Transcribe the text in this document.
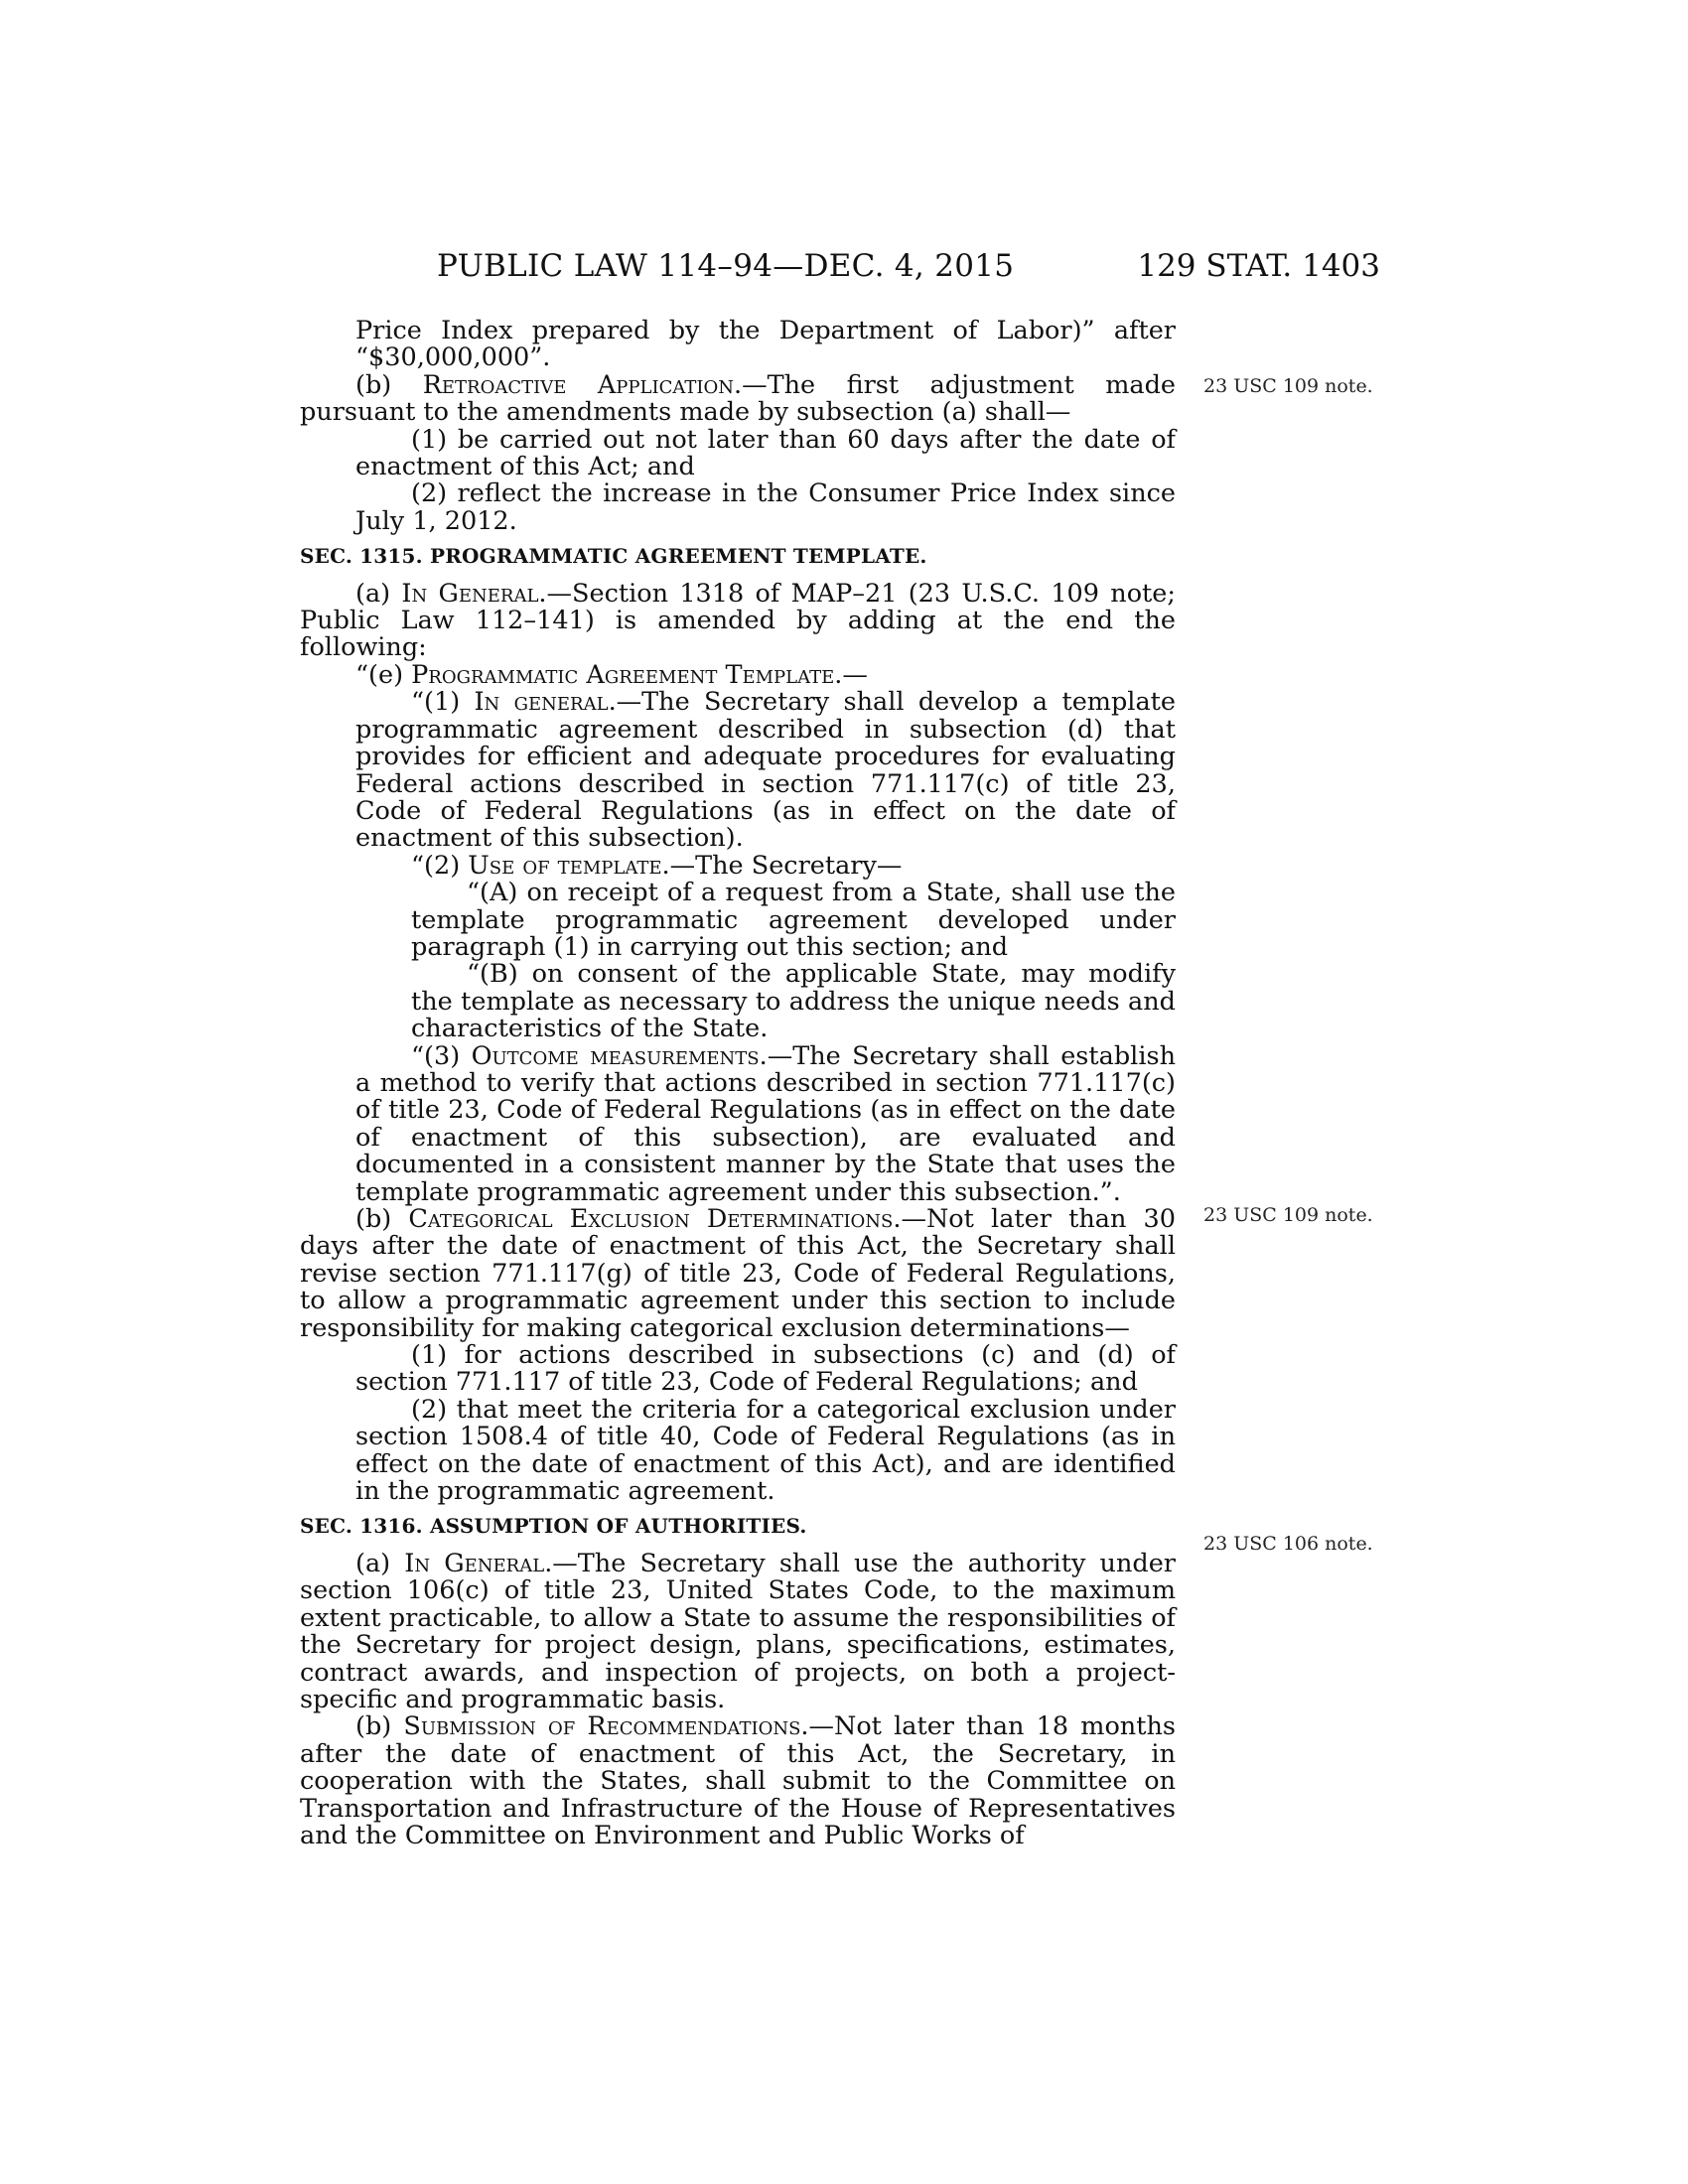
PUBLIC LAW 114–94—DEC. 4, 2015	129 STAT. 1403
23 USC 109 note.
23 USC 109 note.
23 USC 106 note.

Price Index prepared by the Department of Labor)” after “$30,000,000”.

(b) Retroactive Application.—The first adjustment made pursuant to the amendments made by subsection (a) shall—

(1) be carried out not later than 60 days after the date of enactment of this Act; and

(2) reflect the increase in the Consumer Price Index since July 1, 2012.

SEC. 1315. PROGRAMMATIC AGREEMENT TEMPLATE.

(a) In General.—Section 1318 of MAP–21 (23 U.S.C. 109 note; Public Law 112–141) is amended by adding at the end the following:

“(e) Programmatic Agreement Template.—

“(1) In general.—The Secretary shall develop a template programmatic agreement described in subsection (d) that provides for efficient and adequate procedures for evaluating Federal actions described in section 771.117(c) of title 23, Code of Federal Regulations (as in effect on the date of enactment of this subsection).

“(2) Use of template.—The Secretary—

“(A) on receipt of a request from a State, shall use the template programmatic agreement developed under paragraph (1) in carrying out this section; and

“(B) on consent of the applicable State, may modify the template as necessary to address the unique needs and characteristics of the State.

“(3) Outcome measurements.—The Secretary shall establish a method to verify that actions described in section 771.117(c) of title 23, Code of Federal Regulations (as in effect on the date of enactment of this subsection), are evaluated and documented in a consistent manner by the State that uses the template programmatic agreement under this subsection.”.

(b) Categorical Exclusion Determinations.—Not later than 30 days after the date of enactment of this Act, the Secretary shall revise section 771.117(g) of title 23, Code of Federal Regulations, to allow a programmatic agreement under this section to include responsibility for making categorical exclusion determinations—

(1) for actions described in subsections (c) and (d) of section 771.117 of title 23, Code of Federal Regulations; and

(2) that meet the criteria for a categorical exclusion under section 1508.4 of title 40, Code of Federal Regulations (as in effect on the date of enactment of this Act), and are identified in the programmatic agreement.

SEC. 1316. ASSUMPTION OF AUTHORITIES.

(a) In General.—The Secretary shall use the authority under section 106(c) of title 23, United States Code, to the maximum extent practicable, to allow a State to assume the responsibilities of the Secretary for project design, plans, specifications, estimates, contract awards, and inspection of projects, on both a project-specific and programmatic basis.

(b) Submission of Recommendations.—Not later than 18 months after the date of enactment of this Act, the Secretary, in cooperation with the States, shall submit to the Committee on Transportation and Infrastructure of the House of Representatives and the Committee on Environment and Public Works of
